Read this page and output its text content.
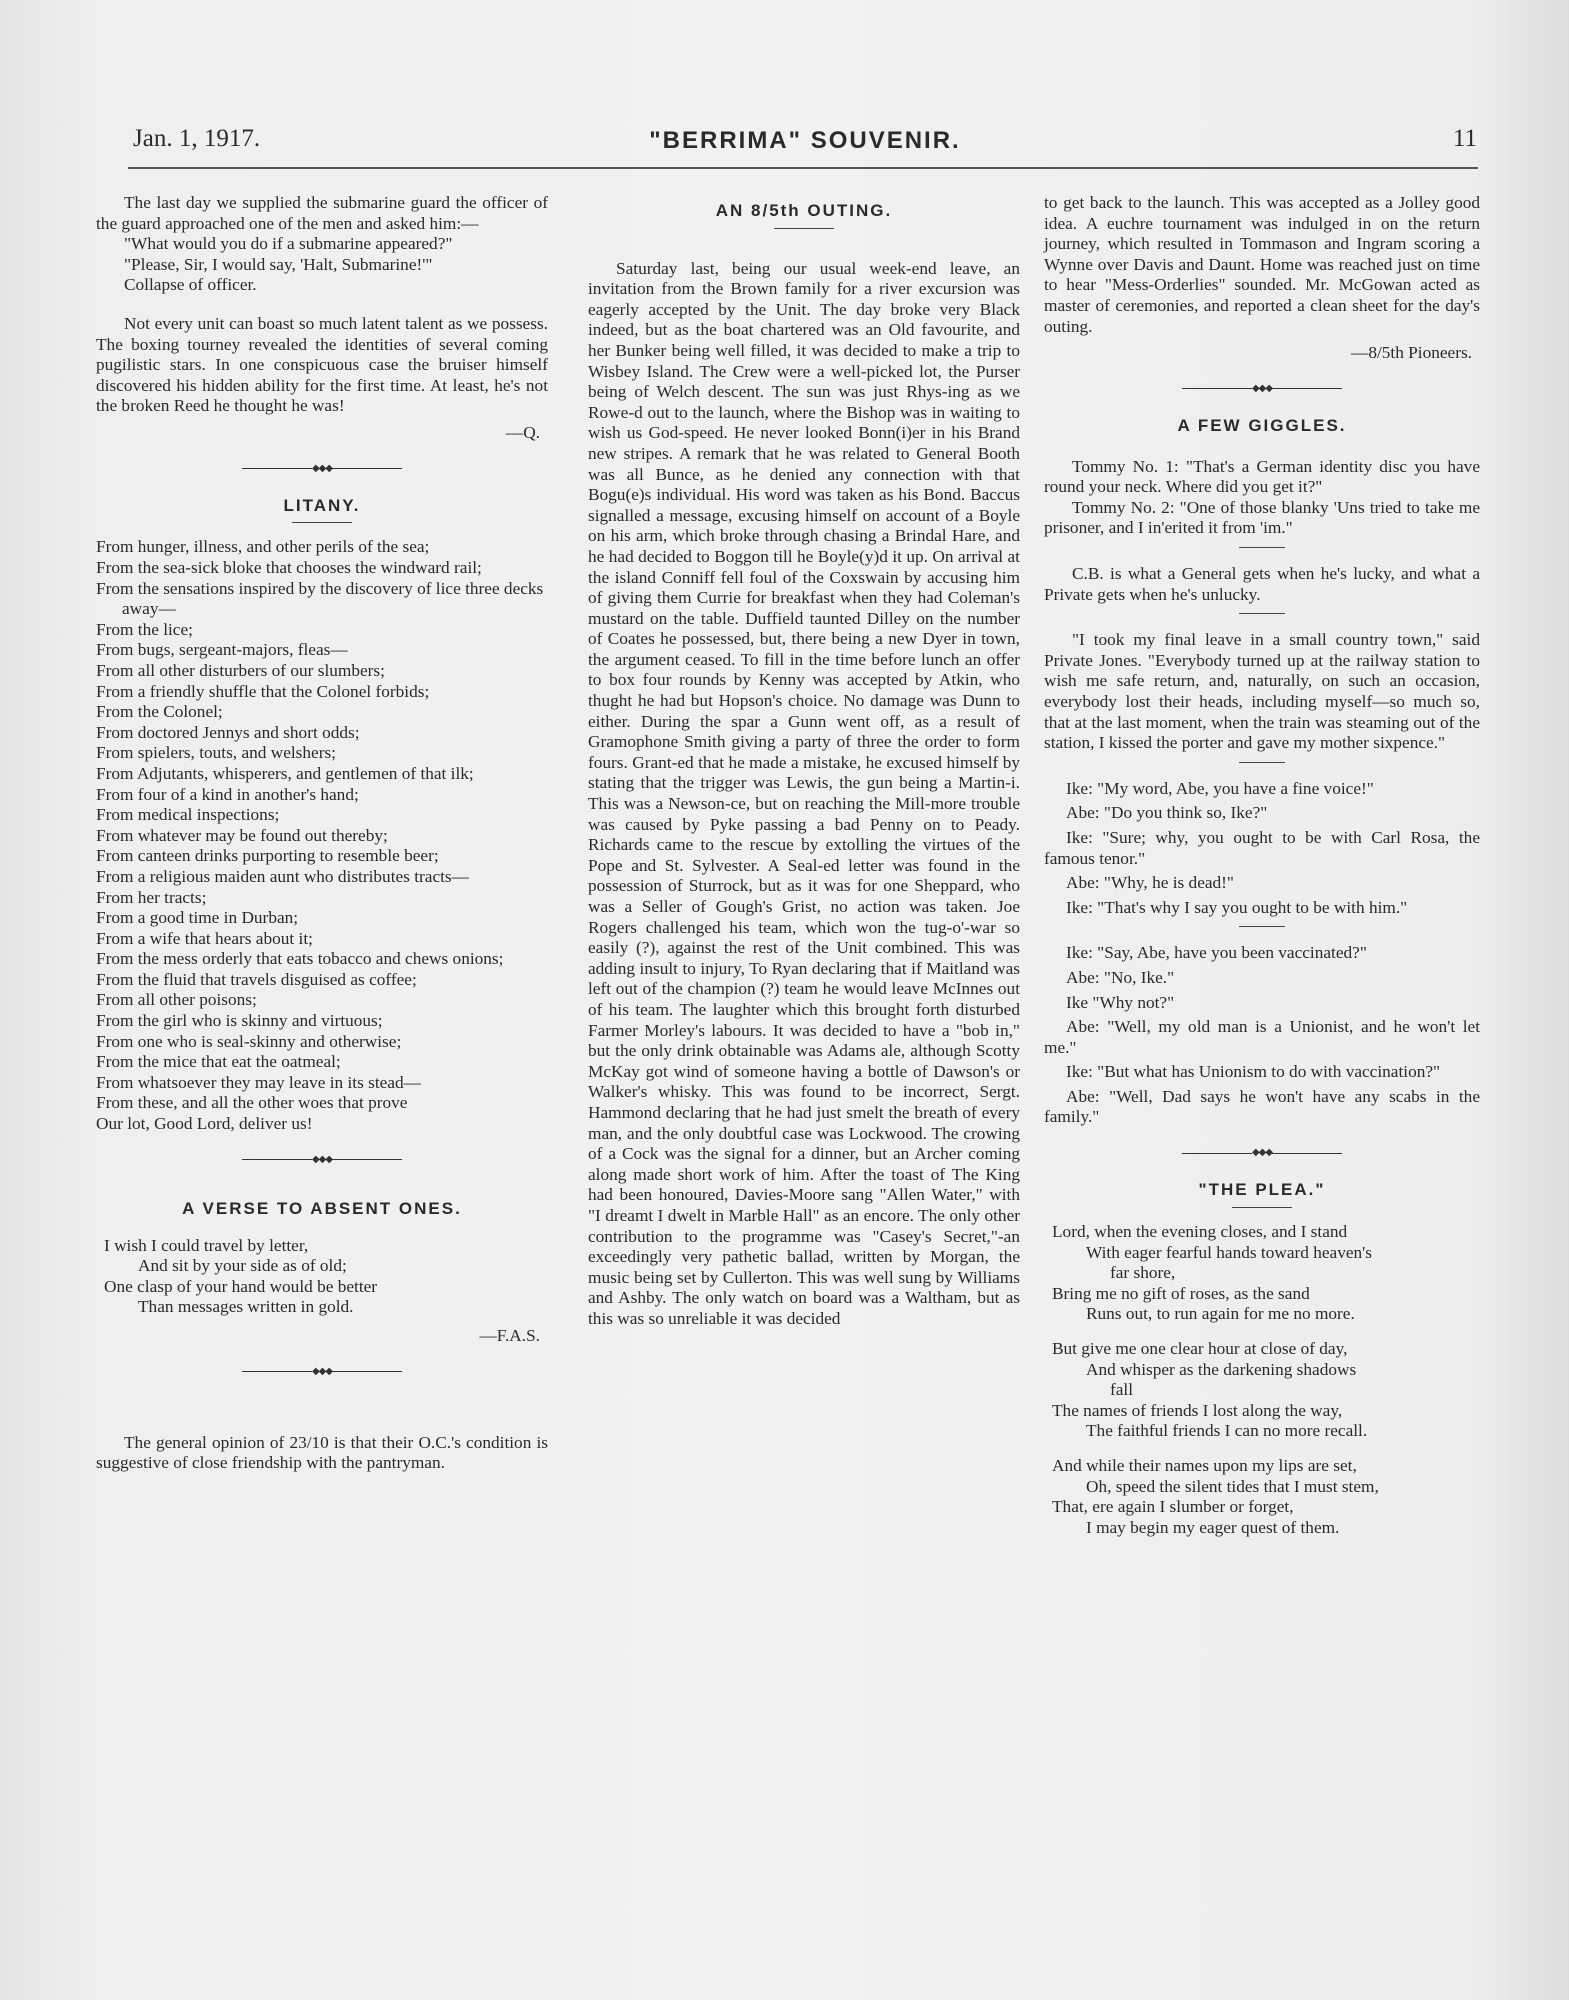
Jan. 1, 1917.	"BERRIMA" SOUVENIR.	11

The last day we supplied the submarine guard the officer of the guard approached one of the men and asked him:—

"What would you do if a submarine appeared?"

"Please, Sir, I would say, 'Halt, Submarine!'"

Collapse of officer.

Not every unit can boast so much latent talent as we possess. The boxing tourney revealed the identities of several coming pugilistic stars. In one conspicuous case the bruiser himself discovered his hidden ability for the first time. At least, he's not the broken Reed he thought he was!

—Q.
◆◆◆
LITANY.

From hunger, illness, and other perils of the sea;

From the sea-sick bloke that chooses the windward rail;

From the sensations inspired by the discovery of lice three decks away—

From the lice;

From bugs, sergeant-majors, fleas—

From all other disturbers of our slumbers;

From a friendly shuffle that the Colonel forbids;

From the Colonel;

From doctored Jennys and short odds;

From spielers, touts, and welshers;

From Adjutants, whisperers, and gentlemen of that ilk;

From four of a kind in another's hand;

From medical inspections;

From whatever may be found out thereby;

From canteen drinks purporting to resemble beer;

From a religious maiden aunt who distributes tracts—

From her tracts;

From a good time in Durban;

From a wife that hears about it;

From the mess orderly that eats tobacco and chews onions;

From the fluid that travels disguised as coffee;

From all other poisons;

From the girl who is skinny and virtuous;

From one who is seal-skinny and otherwise;

From the mice that eat the oatmeal;

From whatsoever they may leave in its stead—

From these, and all the other woes that prove

Our lot, Good Lord, deliver us!

◆◆◆
A VERSE TO ABSENT ONES.
I wish I could travel by letter,
And sit by your side as of old;
One clasp of your hand would be better
Than messages written in gold.
—F.A.S.
◆◆◆

The general opinion of 23/10 is that their O.C.'s condition is suggestive of close friendship with the pantryman.

AN 8/5th OUTING.

Saturday last, being our usual week-end leave, an invitation from the Brown family for a river excursion was eagerly accepted by the Unit. The day broke very Black indeed, but as the boat chartered was an Old favourite, and her Bunker being well filled, it was decided to make a trip to Wisbey Island. The Crew were a well-picked lot, the Purser being of Welch descent. The sun was just Rhys-ing as we Rowe-d out to the launch, where the Bishop was in waiting to wish us God-speed. He never looked Bonn(i)er in his Brand new stripes. A remark that he was related to General Booth was all Bunce, as he denied any connection with that Bogu(e)s individual. His word was taken as his Bond. Baccus signalled a message, excusing himself on account of a Boyle on his arm, which broke through chasing a Brindal Hare, and he had decided to Boggon till he Boyle(y)d it up. On arrival at the island Conniff fell foul of the Coxswain by accusing him of giving them Currie for breakfast when they had Coleman's mustard on the table. Duffield taunted Dilley on the number of Coates he possessed, but, there being a new Dyer in town, the argument ceased. To fill in the time before lunch an offer to box four rounds by Kenny was accepted by Atkin, who thught he had but Hopson's choice. No damage was Dunn to either. During the spar a Gunn went off, as a result of Gramophone Smith giving a party of three the order to form fours. Grant-ed that he made a mistake, he excused himself by stating that the trigger was Lewis, the gun being a Martin-i. This was a Newson-ce, but on reaching the Mill-more trouble was caused by Pyke passing a bad Penny on to Peady. Richards came to the rescue by extolling the virtues of the Pope and St. Sylvester. A Seal-ed letter was found in the possession of Sturrock, but as it was for one Sheppard, who was a Seller of Gough's Grist, no action was taken. Joe Rogers challenged his team, which won the tug-o'-war so easily (?), against the rest of the Unit combined. This was adding insult to injury, To Ryan declaring that if Maitland was left out of the champion (?) team he would leave McInnes out of his team. The laughter which this brought forth disturbed Farmer Morley's labours. It was decided to have a "bob in," but the only drink obtainable was Adams ale, although Scotty McKay got wind of someone having a bottle of Dawson's or Walker's whisky. This was found to be incorrect, Sergt. Hammond declaring that he had just smelt the breath of every man, and the only doubtful case was Lockwood. The crowing of a Cock was the signal for a dinner, but an Archer coming along made short work of him. After the toast of The King had been honoured, Davies-Moore sang "Allen Water," with "I dreamt I dwelt in Marble Hall" as an encore. The only other contribution to the programme was "Casey's Secret,"-an exceedingly very pathetic ballad, written by Morgan, the music being set by Cullerton. This was well sung by Williams and Ashby. The only watch on board was a Waltham, but as this was so unreliable it was decided

to get back to the launch. This was accepted as a Jolley good idea. A euchre tournament was indulged in on the return journey, which resulted in Tommason and Ingram scoring a Wynne over Davis and Daunt. Home was reached just on time to hear "Mess-Orderlies" sounded. Mr. McGowan acted as master of ceremonies, and reported a clean sheet for the day's outing.

—8/5th Pioneers.
◆◆◆
A FEW GIGGLES.

Tommy No. 1: "That's a German identity disc you have round your neck. Where did you get it?"

Tommy No. 2: "One of those blanky 'Uns tried to take me prisoner, and I in'erited it from 'im."

C.B. is what a General gets when he's lucky, and what a Private gets when he's unlucky.

"I took my final leave in a small country town," said Private Jones. "Everybody turned up at the railway station to wish me safe return, and, naturally, on such an occasion, everybody lost their heads, including myself—so much so, that at the last moment, when the train was steaming out of the station, I kissed the porter and gave my mother sixpence."

Ike: "My word, Abe, you have a fine voice!"

Abe: "Do you think so, Ike?"

Ike: "Sure; why, you ought to be with Carl Rosa, the famous tenor."

Abe: "Why, he is dead!"

Ike: "That's why I say you ought to be with him."

Ike: "Say, Abe, have you been vaccinated?"

Abe: "No, Ike."

Ike "Why not?"

Abe: "Well, my old man is a Unionist, and he won't let me."

Ike: "But what has Unionism to do with vaccination?"

Abe: "Well, Dad says he won't have any scabs in the family."

◆◆◆
"THE PLEA."
Lord, when the evening closes, and I stand
With eager fearful hands toward heaven's
far shore,
Bring me no gift of roses, as the sand
Runs out, to run again for me no more.
But give me one clear hour at close of day,
And whisper as the darkening shadows
fall
The names of friends I lost along the way,
The faithful friends I can no more recall.
And while their names upon my lips are set,
Oh, speed the silent tides that I must stem,
That, ere again I slumber or forget,
I may begin my eager quest of them.
